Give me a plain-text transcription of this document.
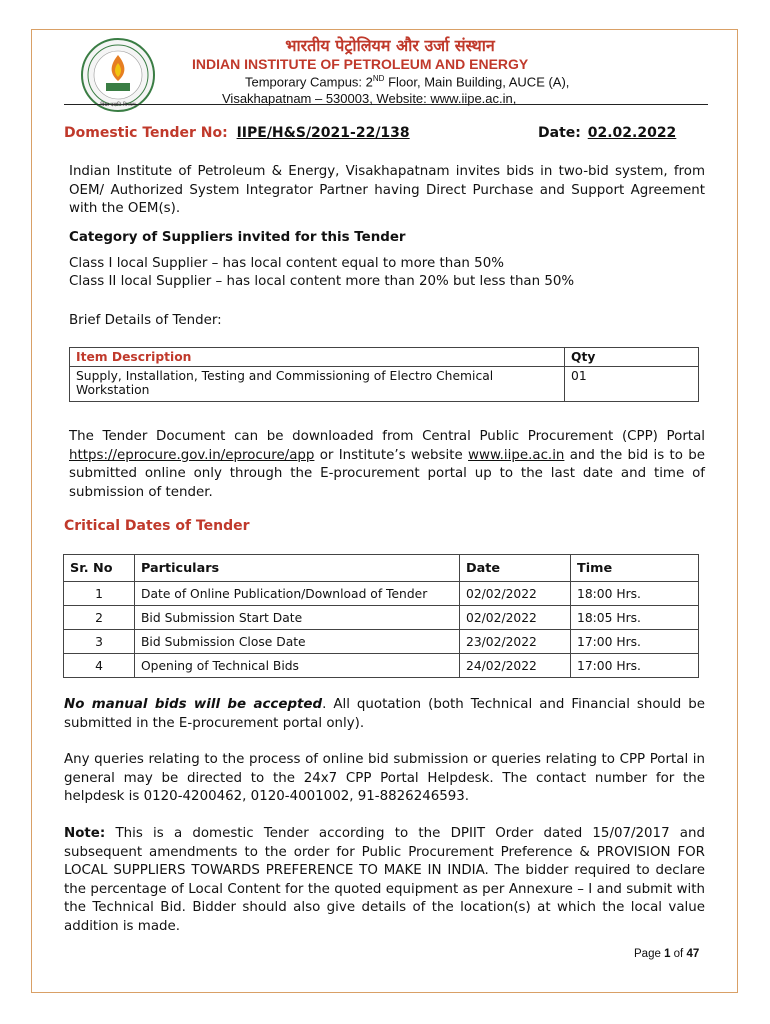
विद्या ददाति विनयम्
भारतीय पेट्रोलियम और उर्जा संस्थान
INDIAN INSTITUTE OF PETROLEUM AND ENERGY
Temporary Campus: 2ND Floor, Main Building, AUCE (A),
Visakhapatnam – 530003, Website: www.iipe.ac.in,
Domestic Tender No: IIPE/H&S/2021-22/138	Date: 02.02.2022
Indian Institute of Petroleum & Energy, Visakhapatnam invites bids in two-bid system, from OEM/ Authorized System Integrator Partner having Direct Purchase and Support Agreement with the OEM(s).
Category of Suppliers invited for this Tender
Class I local Supplier – has local content equal to more than 50%
Class II local Supplier – has local content more than 20% but less than 50%
Brief Details of Tender:
Item Description	Qty
Supply, Installation, Testing and Commissioning of Electro Chemical Workstation	01
The Tender Document can be downloaded from Central Public Procurement (CPP) Portal https://eprocure.gov.in/eprocure/app or Institute’s website www.iipe.ac.in and the bid is to be submitted online only through the E-procurement portal up to the last date and time of submission of tender.
Critical Dates of Tender
Sr. No	Particulars	Date	Time
1	Date of Online Publication/Download of Tender	02/02/2022	18:00 Hrs.
2	Bid Submission Start Date	02/02/2022	18:05 Hrs.
3	Bid Submission Close Date	23/02/2022	17:00 Hrs.
4	Opening of Technical Bids	24/02/2022	17:00 Hrs.
No manual bids will be accepted. All quotation (both Technical and Financial should be submitted in the E-procurement portal only).
Any queries relating to the process of online bid submission or queries relating to CPP Portal in general may be directed to the 24x7 CPP Portal Helpdesk. The contact number for the helpdesk is 0120-4200462, 0120-4001002, 91-8826246593.
Note: This is a domestic Tender according to the DPIIT Order dated 15/07/2017 and subsequent amendments to the order for Public Procurement Preference & PROVISION FOR LOCAL SUPPLIERS TOWARDS PREFERENCE TO MAKE IN INDIA. The bidder required to declare the percentage of Local Content for the quoted equipment as per Annexure – I and submit with the Technical Bid. Bidder should also give details of the location(s) at which the local value addition is made.
Page 1 of 47
